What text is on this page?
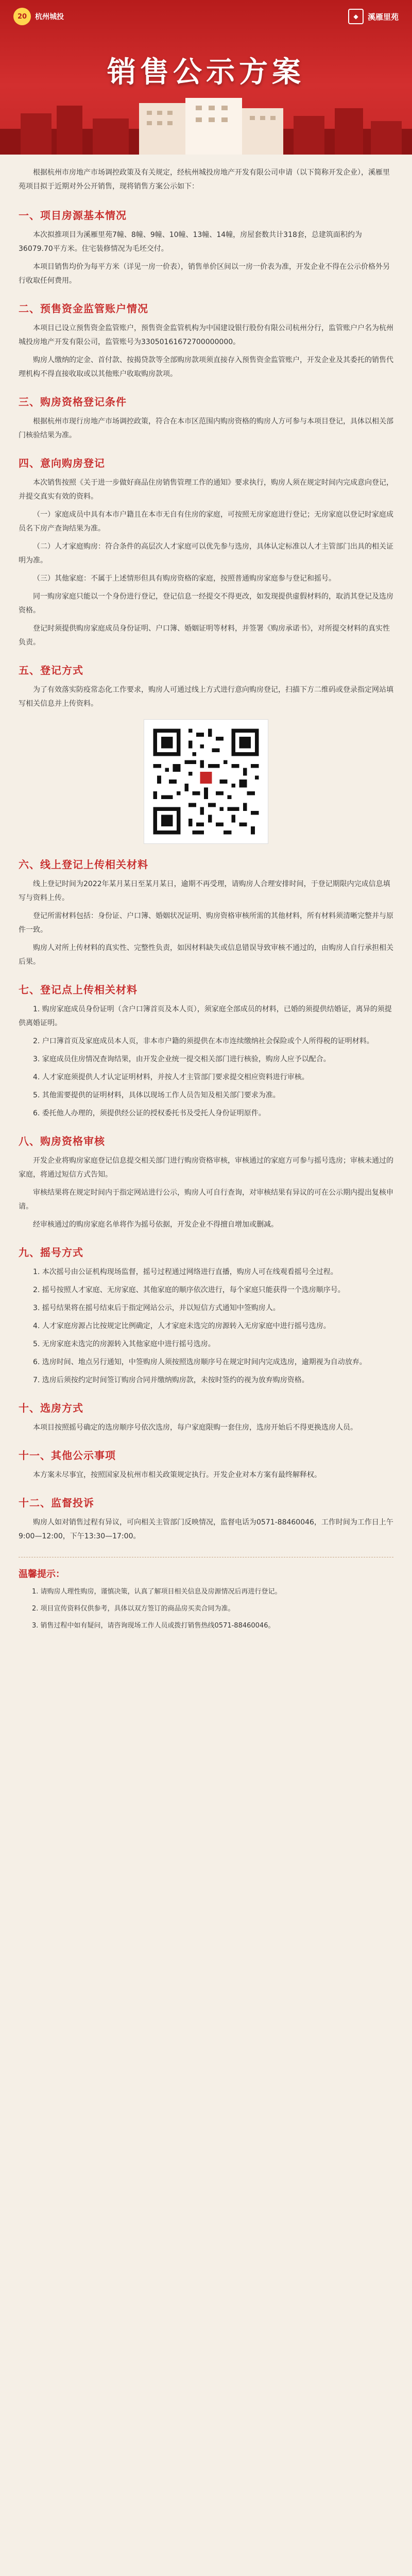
20	杭州城投	◆	溪雁里苑
销售公示方案

根据杭州市房地产市场调控政策及有关规定，经杭州城投房地产开发有限公司申请（以下简称开发企业），溪雁里苑项目拟于近期对外公开销售，现将销售方案公示如下：

一、项目房源基本情况

本次拟推项目为溪雁里苑7幢、8幢、9幢、10幢、13幢、14幢，房屋套数共计318套，总建筑面积约为36079.70平方米。住宅装修情况为毛坯交付。

本项目销售均价为每平方米（详见一房一价表），销售单价区间以一房一价表为准，开发企业不得在公示价格外另行收取任何费用。

二、预售资金监管账户情况

本项目已设立预售资金监管账户，预售资金监管机构为中国建设银行股份有限公司杭州分行，监管账户户名为杭州城投房地产开发有限公司，监管账号为33050161672700000000。

购房人缴纳的定金、首付款、按揭贷款等全部购房款项须直接存入预售资金监管账户，开发企业及其委托的销售代理机构不得直接收取或以其他账户收取购房款项。

三、购房资格登记条件

根据杭州市现行房地产市场调控政策，符合在本市区范围内购房资格的购房人方可参与本项目登记，具体以相关部门核验结果为准。

四、意向购房登记

本次销售按照《关于进一步做好商品住房销售管理工作的通知》要求执行，购房人须在规定时间内完成意向登记，并提交真实有效的资料。

（一）家庭成员中具有本市户籍且在本市无自有住房的家庭，可按照无房家庭进行登记；无房家庭以登记时家庭成员名下房产查询结果为准。

（二）人才家庭购房：符合条件的高层次人才家庭可以优先参与选房，具体认定标准以人才主管部门出具的相关证明为准。

（三）其他家庭：不属于上述情形但具有购房资格的家庭，按照普通购房家庭参与登记和摇号。

同一购房家庭只能以一个身份进行登记，登记信息一经提交不得更改，如发现提供虚假材料的，取消其登记及选房资格。

登记时须提供购房家庭成员身份证明、户口簿、婚姻证明等材料，并签署《购房承诺书》，对所提交材料的真实性负责。

五、登记方式

为了有效落实防疫常态化工作要求，购房人可通过线上方式进行意向购房登记，扫描下方二维码或登录指定网站填写相关信息并上传资料。

六、线上登记上传相关材料

线上登记时间为2022年某月某日至某月某日，逾期不再受理，请购房人合理安排时间，于登记期限内完成信息填写与资料上传。

登记所需材料包括：身份证、户口簿、婚姻状况证明、购房资格审核所需的其他材料，所有材料须清晰完整并与原件一致。

购房人对所上传材料的真实性、完整性负责，如因材料缺失或信息错误导致审核不通过的，由购房人自行承担相关后果。

七、登记点上传相关材料

1. 购房家庭成员身份证明（含户口簿首页及本人页），须家庭全部成员的材料，已婚的须提供结婚证，离异的须提供离婚证明。

2. 户口簿首页及家庭成员本人页，非本市户籍的须提供在本市连续缴纳社会保险或个人所得税的证明材料。

3. 家庭成员住房情况查询结果，由开发企业统一提交相关部门进行核验，购房人应予以配合。

4. 人才家庭须提供人才认定证明材料，并按人才主管部门要求提交相应资料进行审核。

5. 其他需要提供的证明材料，具体以现场工作人员告知及相关部门要求为准。

6. 委托他人办理的，须提供经公证的授权委托书及受托人身份证明原件。

八、购房资格审核

开发企业将购房家庭登记信息提交相关部门进行购房资格审核，审核通过的家庭方可参与摇号选房；审核未通过的家庭，将通过短信方式告知。

审核结果将在规定时间内于指定网站进行公示，购房人可自行查询，对审核结果有异议的可在公示期内提出复核申请。

经审核通过的购房家庭名单将作为摇号依据，开发企业不得擅自增加或删减。

九、摇号方式

1. 本次摇号由公证机构现场监督，摇号过程通过网络进行直播，购房人可在线观看摇号全过程。

2. 摇号按照人才家庭、无房家庭、其他家庭的顺序依次进行，每个家庭只能获得一个选房顺序号。

3. 摇号结果将在摇号结束后于指定网站公示，并以短信方式通知中签购房人。

4. 人才家庭房源占比按规定比例确定，人才家庭未选完的房源转入无房家庭中进行摇号选房。

5. 无房家庭未选完的房源转入其他家庭中进行摇号选房。

6. 选房时间、地点另行通知，中签购房人须按照选房顺序号在规定时间内完成选房，逾期视为自动放弃。

7. 选房后须按约定时间签订购房合同并缴纳购房款，未按时签约的视为放弃购房资格。

十、选房方式

本项目按照摇号确定的选房顺序号依次选房，每户家庭限购一套住房，选房开始后不得更换选房人员。

十一、其他公示事项

本方案未尽事宜，按照国家及杭州市相关政策规定执行。开发企业对本方案有最终解释权。

十二、监督投诉

购房人如对销售过程有异议，可向相关主管部门反映情况，监督电话为0571-88460046，工作时间为工作日上午9:00—12:00，下午13:30—17:00。

温馨提示：

1. 请购房人理性购房，谨慎决策，认真了解项目相关信息及房源情况后再进行登记。

2. 项目宣传资料仅供参考，具体以双方签订的商品房买卖合同为准。

3. 销售过程中如有疑问，请咨询现场工作人员或拨打销售热线0571-88460046。
